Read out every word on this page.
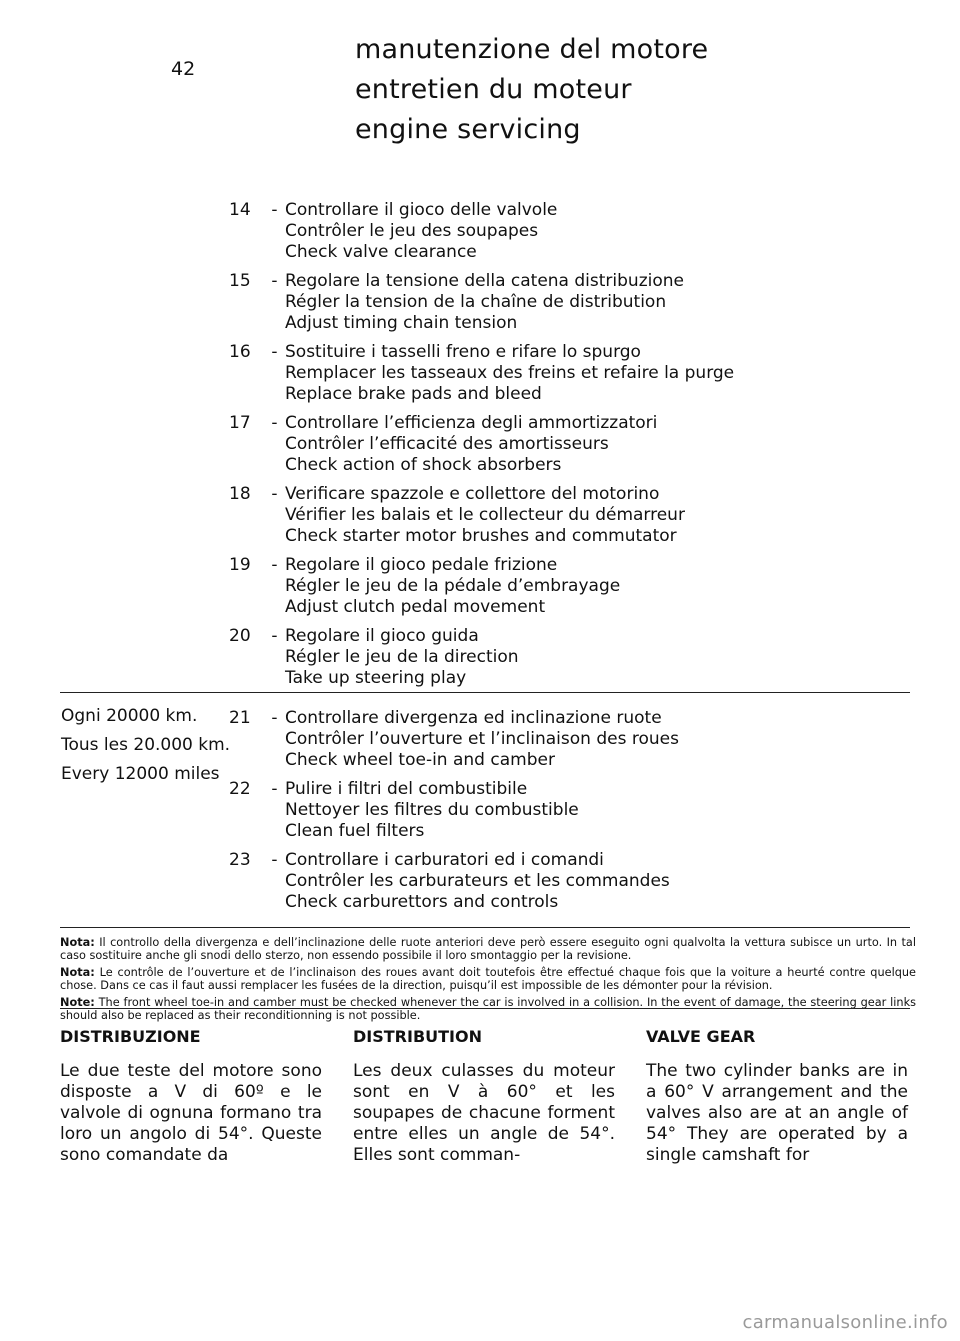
42
manutenzione del motore
entretien du moteur
engine servicing
14	- Controllare il gioco delle valvole
Contrôler le jeu des soupapes
Check valve clearance
15	- Regolare la tensione della catena distribuzione
Régler la tension de la chaîne de distribution
Adjust timing chain tension
16	- Sostituire i tasselli freno e rifare lo spurgo
Remplacer les tasseaux des freins et refaire la purge
Replace brake pads and bleed
17	- Controllare l’efficienza degli ammortizzatori
Contrôler l’efficacité des amortisseurs
Check action of shock absorbers
18	- Verificare spazzole e collettore del motorino
Vérifier les balais et le collecteur du démarreur
Check starter motor brushes and commutator
19	- Regolare il gioco pedale frizione
Régler le jeu de la pédale d’embrayage
Adjust clutch pedal movement
20	- Regolare il gioco guida
Régler le jeu de la direction
Take up steering play
Ogni 20000 km.
Tous les 20.000 km.
Every 12000 miles
21	- Controllare divergenza ed inclinazione ruote
Contrôler l’ouverture et l’inclinaison des roues
Check wheel toe-in and camber
22	- Pulire i filtri del combustibile
Nettoyer les filtres du combustible
Clean fuel filters
23	- Controllare i carburatori ed i comandi
Contrôler les carburateurs et les commandes
Check carburettors and controls
Nota: Il controllo della divergenza e dell’inclinazione delle ruote anteriori deve però essere eseguito ogni qualvolta la vettura subisce un urto. In tal caso sostituire anche gli snodi dello sterzo, non essendo possibile il loro smontaggio per la revisione.
Nota: Le contrôle de l’ouverture et de l’inclinaison des roues avant doit toutefois être effectué chaque fois que la voiture a heurté contre quelque chose. Dans ce cas il faut aussi remplacer les fusées de la direction, puisqu’il est impossible de les démonter pour la révision.
Note: The front wheel toe-in and camber must be checked whenever the car is involved in a collision. In the event of damage, the steering gear links should also be replaced as their reconditionning is not possible.
DISTRIBUZIONE

Le due teste del motore sono disposte a V di 60º e le valvole di ognuna formano tra loro un angolo di 54°. Queste sono comandate da

DISTRIBUTION

Les deux culasses du moteur sont en V à 60° et les soupapes de chacune forment entre elles un angle de 54°. Elles sont comman-

VALVE GEAR

The two cylinder banks are in a 60° V arrangement and the valves also are at an angle of 54° They are operated by a single camshaft for

carmanualsonline.info
